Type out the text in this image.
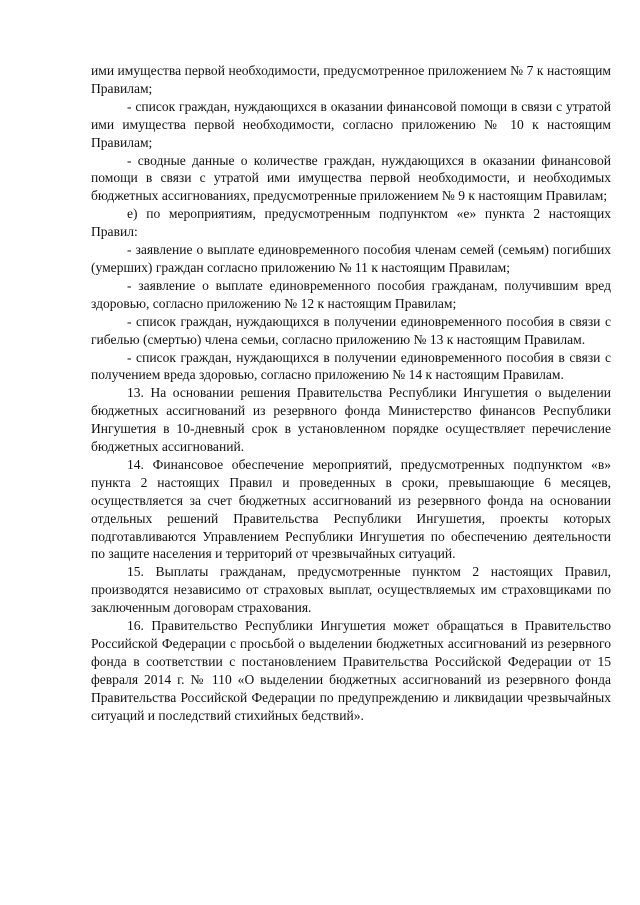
ими имущества первой необходимости, предусмотренное приложением № 7 к настоящим Правилам;

- список граждан, нуждающихся в оказании финансовой помощи в связи с утратой ими имущества первой необходимости, согласно приложению № 10 к настоящим Правилам;

- сводные данные о количестве граждан, нуждающихся в оказании финансовой помощи в связи с утратой ими имущества первой необходимости, и необходимых бюджетных ассигнованиях, предусмотренные приложением № 9 к настоящим Правилам;

е) по мероприятиям, предусмотренным подпунктом «е» пункта 2 настоящих Правил:

- заявление о выплате единовременного пособия членам семей (семьям) погибших (умерших) граждан согласно приложению № 11 к настоящим Правилам;

- заявление о выплате единовременного пособия гражданам, получившим вред здоровью, согласно приложению № 12 к настоящим Правилам;

- список граждан, нуждающихся в получении единовременного пособия в связи с гибелью (смертью) члена семьи, согласно приложению № 13 к настоящим Правилам.

- список граждан, нуждающихся в получении единовременного пособия в связи с получением вреда здоровью, согласно приложению № 14 к настоящим Правилам.

13. На основании решения Правительства Республики Ингушетия о выделении бюджетных ассигнований из резервного фонда Министерство финансов Республики Ингушетия в 10-дневный срок в установленном порядке осуществляет перечисление бюджетных ассигнований.

14. Финансовое обеспечение мероприятий, предусмотренных подпунктом «в» пункта 2 настоящих Правил и проведенных в сроки, превышающие 6 месяцев, осуществляется за счет бюджетных ассигнований из резервного фонда на основании отдельных решений Правительства Республики Ингушетия, проекты которых подготавливаются Управлением Республики Ингушетия по обеспечению деятельности по защите населения и территорий от чрезвычайных ситуаций.

15. Выплаты гражданам, предусмотренные пунктом 2 настоящих Правил, производятся независимо от страховых выплат, осуществляемых им страховщиками по заключенным договорам страхования.

16. Правительство Республики Ингушетия может обращаться в Правительство Российской Федерации с просьбой о выделении бюджетных ассигнований из резервного фонда в соответствии с постановлением Правительства Российской Федерации от 15 февраля 2014 г. № 110 «О выделении бюджетных ассигнований из резервного фонда Правительства Российской Федерации по предупреждению и ликвидации чрезвычайных ситуаций и последствий стихийных бедствий».
